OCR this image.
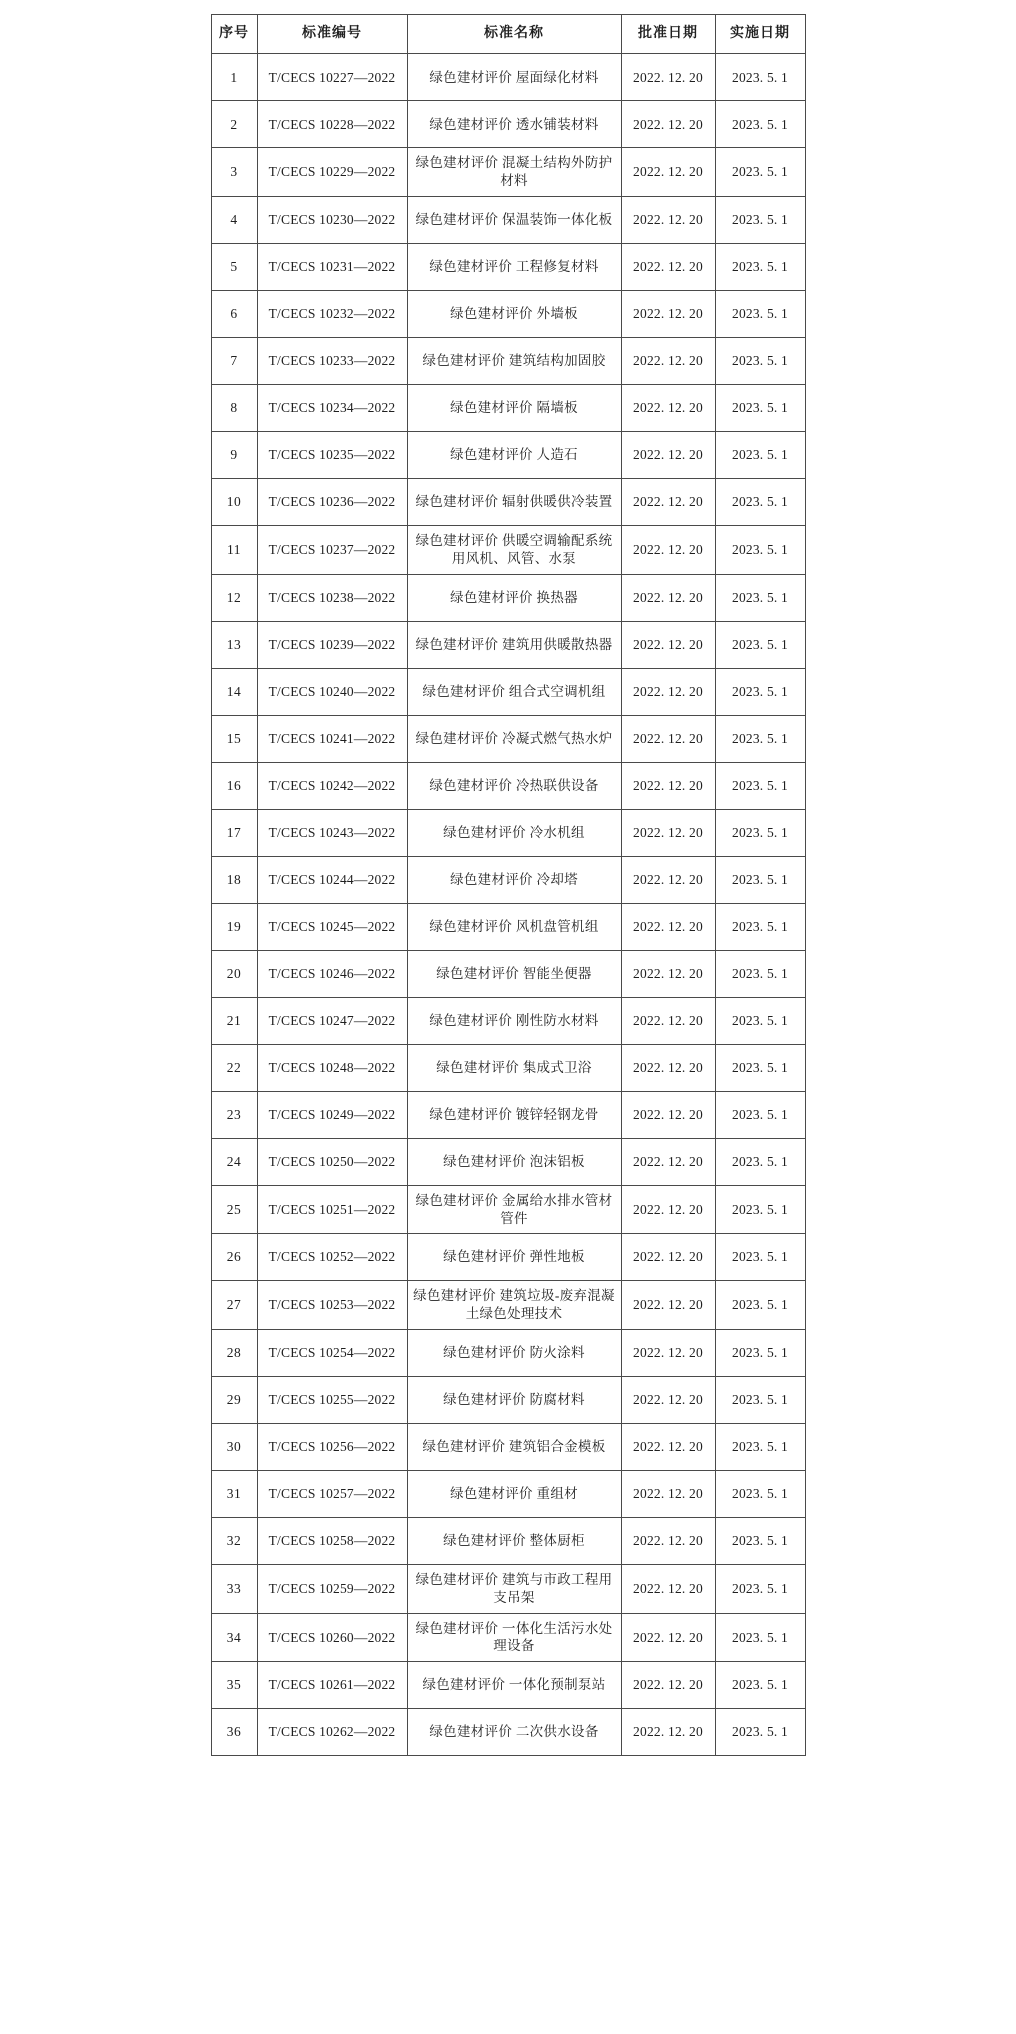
序号	标准编号	标准名称	批准日期	实施日期
1	T/CECS 10227—2022	绿色建材评价 屋面绿化材料	2022. 12. 20	2023. 5. 1
2	T/CECS 10228—2022	绿色建材评价 透水铺装材料	2022. 12. 20	2023. 5. 1
3	T/CECS 10229—2022	绿色建材评价 混凝土结构外防护材料	2022. 12. 20	2023. 5. 1
4	T/CECS 10230—2022	绿色建材评价 保温装饰一体化板	2022. 12. 20	2023. 5. 1
5	T/CECS 10231—2022	绿色建材评价 工程修复材料	2022. 12. 20	2023. 5. 1
6	T/CECS 10232—2022	绿色建材评价 外墙板	2022. 12. 20	2023. 5. 1
7	T/CECS 10233—2022	绿色建材评价 建筑结构加固胶	2022. 12. 20	2023. 5. 1
8	T/CECS 10234—2022	绿色建材评价 隔墙板	2022. 12. 20	2023. 5. 1
9	T/CECS 10235—2022	绿色建材评价 人造石	2022. 12. 20	2023. 5. 1
10	T/CECS 10236—2022	绿色建材评价 辐射供暖供冷装置	2022. 12. 20	2023. 5. 1
11	T/CECS 10237—2022	绿色建材评价 供暖空调输配系统用风机、风管、水泵	2022. 12. 20	2023. 5. 1
12	T/CECS 10238—2022	绿色建材评价 换热器	2022. 12. 20	2023. 5. 1
13	T/CECS 10239—2022	绿色建材评价 建筑用供暖散热器	2022. 12. 20	2023. 5. 1
14	T/CECS 10240—2022	绿色建材评价 组合式空调机组	2022. 12. 20	2023. 5. 1
15	T/CECS 10241—2022	绿色建材评价 冷凝式燃气热水炉	2022. 12. 20	2023. 5. 1
16	T/CECS 10242—2022	绿色建材评价 冷热联供设备	2022. 12. 20	2023. 5. 1
17	T/CECS 10243—2022	绿色建材评价 冷水机组	2022. 12. 20	2023. 5. 1
18	T/CECS 10244—2022	绿色建材评价 冷却塔	2022. 12. 20	2023. 5. 1
19	T/CECS 10245—2022	绿色建材评价 风机盘管机组	2022. 12. 20	2023. 5. 1
20	T/CECS 10246—2022	绿色建材评价 智能坐便器	2022. 12. 20	2023. 5. 1
21	T/CECS 10247—2022	绿色建材评价 刚性防水材料	2022. 12. 20	2023. 5. 1
22	T/CECS 10248—2022	绿色建材评价 集成式卫浴	2022. 12. 20	2023. 5. 1
23	T/CECS 10249—2022	绿色建材评价 镀锌轻钢龙骨	2022. 12. 20	2023. 5. 1
24	T/CECS 10250—2022	绿色建材评价 泡沫铝板	2022. 12. 20	2023. 5. 1
25	T/CECS 10251—2022	绿色建材评价 金属给水排水管材管件	2022. 12. 20	2023. 5. 1
26	T/CECS 10252—2022	绿色建材评价 弹性地板	2022. 12. 20	2023. 5. 1
27	T/CECS 10253—2022	绿色建材评价 建筑垃圾-废弃混凝土绿色处理技术	2022. 12. 20	2023. 5. 1
28	T/CECS 10254—2022	绿色建材评价 防火涂料	2022. 12. 20	2023. 5. 1
29	T/CECS 10255—2022	绿色建材评价 防腐材料	2022. 12. 20	2023. 5. 1
30	T/CECS 10256—2022	绿色建材评价 建筑铝合金模板	2022. 12. 20	2023. 5. 1
31	T/CECS 10257—2022	绿色建材评价 重组材	2022. 12. 20	2023. 5. 1
32	T/CECS 10258—2022	绿色建材评价 整体厨柜	2022. 12. 20	2023. 5. 1
33	T/CECS 10259—2022	绿色建材评价 建筑与市政工程用支吊架	2022. 12. 20	2023. 5. 1
34	T/CECS 10260—2022	绿色建材评价 一体化生活污水处理设备	2022. 12. 20	2023. 5. 1
35	T/CECS 10261—2022	绿色建材评价 一体化预制泵站	2022. 12. 20	2023. 5. 1
36	T/CECS 10262—2022	绿色建材评价 二次供水设备	2022. 12. 20	2023. 5. 1
